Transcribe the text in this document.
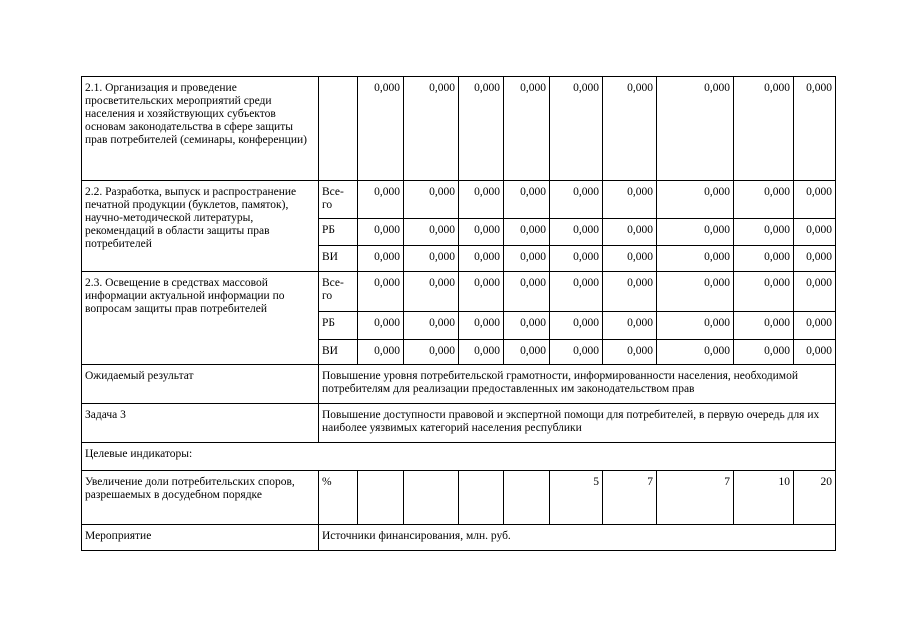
2.1. Организация и проведение просветительских мероприятий среди населения и хозяйствующих субъектов основам законодательства в сфере защиты прав потребителей (семинары, конференции)		0,000	0,000	0,000	0,000	0,000	0,000	0,000	0,000	0,000
2.2. Разработка, выпуск и распространение печатной продукции (буклетов, памяток), научно-методической литературы, рекомендаций в области защиты прав потребителей	Все-го	0,000	0,000	0,000	0,000	0,000	0,000	0,000	0,000	0,000
	РБ	0,000	0,000	0,000	0,000	0,000	0,000	0,000	0,000	0,000
	ВИ	0,000	0,000	0,000	0,000	0,000	0,000	0,000	0,000	0,000
2.3. Освещение в средствах массовой информации актуальной информации по вопросам защиты прав потребителей	Все-го	0,000	0,000	0,000	0,000	0,000	0,000	0,000	0,000	0,000
	РБ	0,000	0,000	0,000	0,000	0,000	0,000	0,000	0,000	0,000
	ВИ	0,000	0,000	0,000	0,000	0,000	0,000	0,000	0,000	0,000
Ожидаемый результат	Повышение уровня потребительской грамотности, информированности населения, необходимой потребителям для реализации предоставленных им законодательством прав									
Задача 3	Повышение доступности правовой и экспертной помощи для потребителей, в первую очередь для их наиболее уязвимых категорий населения республики									
Целевые индикаторы:										
Увеличение доли потребительских споров, разрешаемых в досудебном порядке	%					5	7	7	10	20
Мероприятие	Источники финансирования, млн. руб.									
